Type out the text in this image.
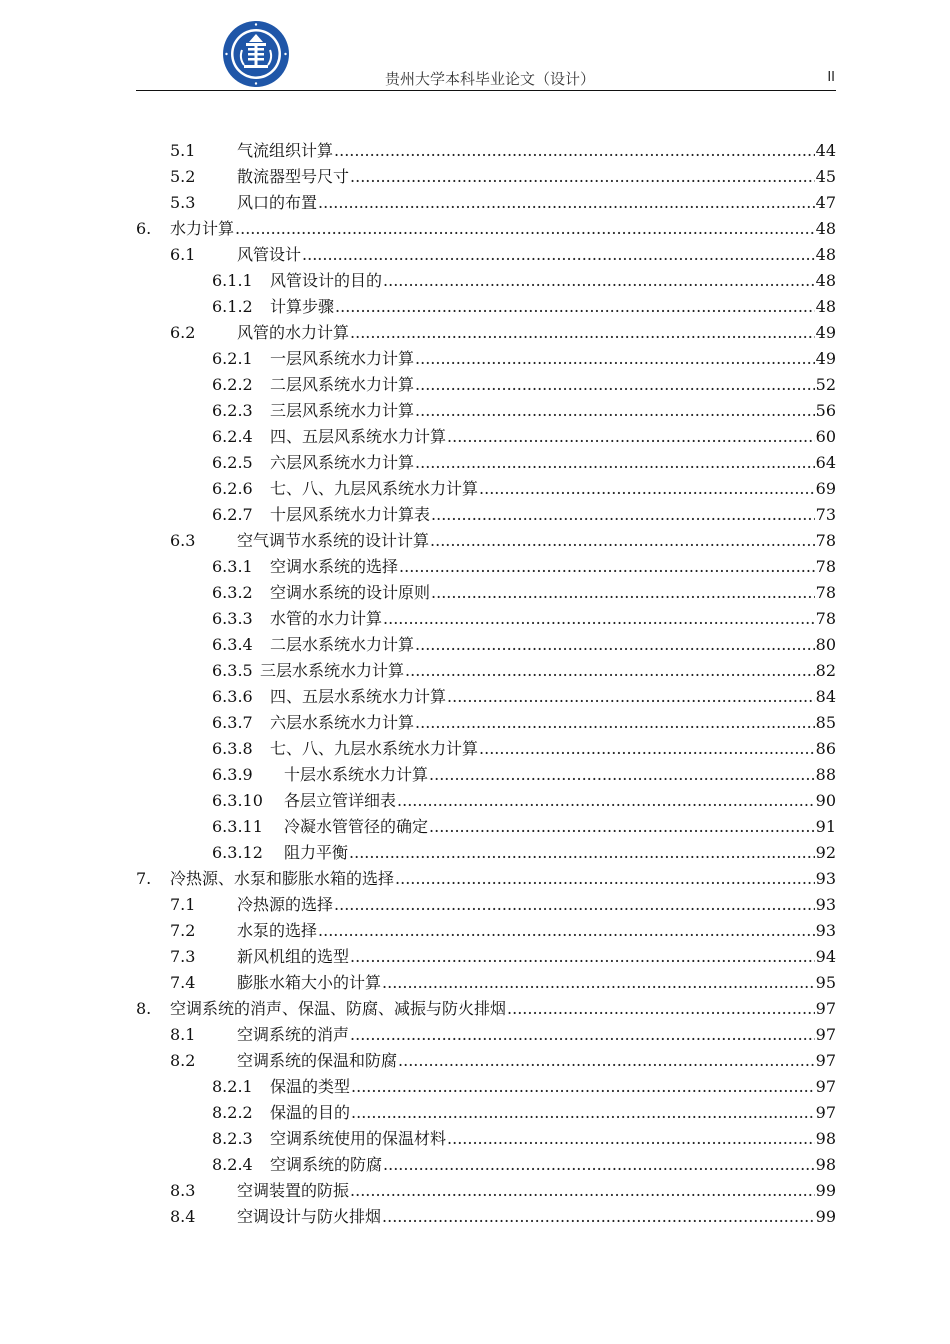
贵州大学本科毕业论文（设计）	II
5.1	气流组织计算 .....	44
5.2	散流器型号尺寸 .....	45
5.3	风口的布置 .....	47
6. 水力计算 .....	48
6.1	风管设计 .....	48
6.1.1 风管设计的目的 .....	48
6.1.2 计算步骤 .....	48
6.2	风管的水力计算 .....	49
6.2.1 一层风系统水力计算 .....	49
6.2.2 二层风系统水力计算 .....	52
6.2.3 三层风系统水力计算 .....	56
6.2.4 四、五层风系统水力计算 .....	60
6.2.5 六层风系统水力计算 .....	64
6.2.6 七、八、九层风系统水力计算 .....	69
6.2.7 十层风系统水力计算表 .....	73
6.3	空气调节水系统的设计计算 .....	78
6.3.1 空调水系统的选择 .....	78
6.3.2 空调水系统的设计原则 .....	78
6.3.3 水管的水力计算 .....	78
6.3.4 二层水系统水力计算 .....	80
6.3.5 三层水系统水力计算 .....	82
6.3.6 四、五层水系统水力计算 .....	84
6.3.7 六层水系统水力计算 .....	85
6.3.8 七、八、九层水系统水力计算 .....	86
6.3.9 十层水系统水力计算 .....	88
6.3.10 各层立管详细表 .....	90
6.3.11 冷凝水管管径的确定 .....	91
6.3.12 阻力平衡 .....	92
7. 冷热源、水泵和膨胀水箱的选择 .....	93
7.1	冷热源的选择 .....	93
7.2	水泵的选择 .....	93
7.3	新风机组的选型 .....	94
7.4	膨胀水箱大小的计算 .....	95
8. 空调系统的消声、保温、防腐、减振与防火排烟 .....	97
8.1	空调系统的消声 .....	97
8.2	空调系统的保温和防腐 .....	97
8.2.1 保温的类型 .....	97
8.2.2 保温的目的 .....	97
8.2.3 空调系统使用的保温材料 .....	98
8.2.4 空调系统的防腐 .....	98
8.3	空调装置的防振 .....	99
8.4	空调设计与防火排烟 .....	99
